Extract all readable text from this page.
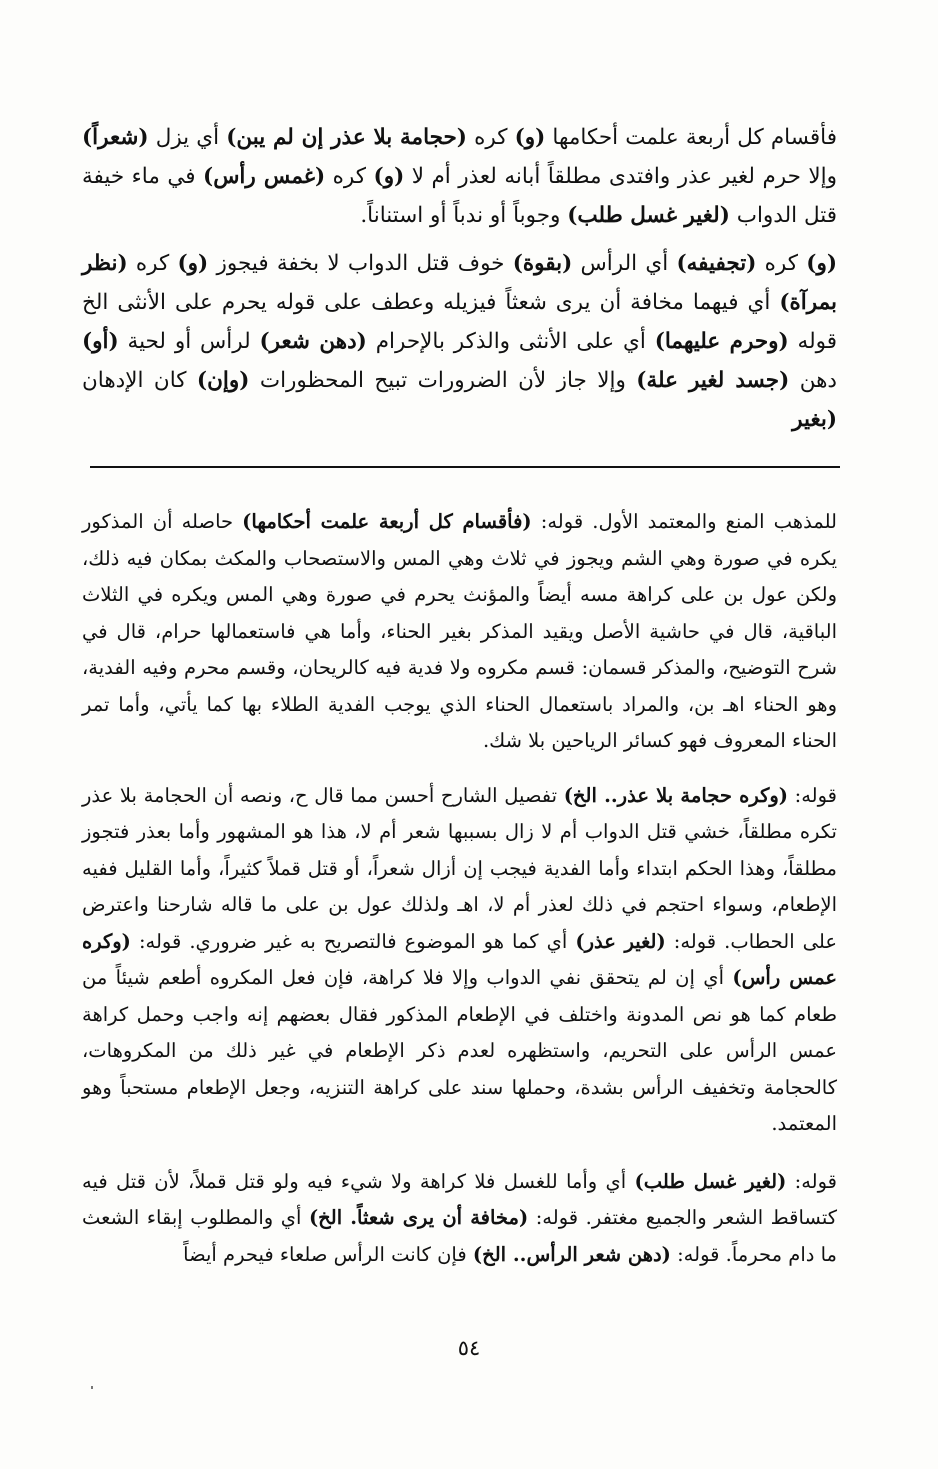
فأقسام كل أربعة علمت أحكامها (و) كره (حجامة بلا عذر إن لم يبن) أي يزل (شعراً) وإلا حرم لغير عذر وافتدى مطلقاً أبانه لعذر أم لا (و) كره (غمس رأس) في ماء خيفة قتل الدواب (لغير غسل طلب) وجوباً أو ندباً أو استناناً.

(و) كره (تجفيفه) أي الرأس (بقوة) خوف قتل الدواب لا بخفة فيجوز (و) كره (نظر بمرآة) أي فيهما مخافة أن يرى شعثاً فيزيله وعطف على قوله يحرم على الأنثى الخ قوله (وحرم عليهما) أي على الأنثى والذكر بالإحرام (دهن شعر) لرأس أو لحية (أو) دهن (جسد لغير علة) وإلا جاز لأن الضرورات تبيح المحظورات (وإن) كان الإدهان (بغير

للمذهب المنع والمعتمد الأول. قوله: (فأقسام كل أربعة علمت أحكامها) حاصله أن المذكور يكره في صورة وهي الشم ويجوز في ثلاث وهي المس والاستصحاب والمكث بمكان فيه ذلك، ولكن عول بن على كراهة مسه أيضاً والمؤنث يحرم في صورة وهي المس ويكره في الثلاث الباقية، قال في حاشية الأصل ويقيد المذكر بغير الحناء، وأما هي فاستعمالها حرام، قال في شرح التوضيح، والمذكر قسمان: قسم مكروه ولا فدية فيه كالريحان، وقسم محرم وفيه الفدية، وهو الحناء اهـ بن، والمراد باستعمال الحناء الذي يوجب الفدية الطلاء بها كما يأتي، وأما تمر الحناء المعروف فهو كسائر الرياحين بلا شك.

قوله: (وكره حجامة بلا عذر.. الخ) تفصيل الشارح أحسن مما قال ح، ونصه أن الحجامة بلا عذر تكره مطلقاً، خشي قتل الدواب أم لا زال بسببها شعر أم لا، هذا هو المشهور وأما بعذر فتجوز مطلقاً، وهذا الحكم ابتداء وأما الفدية فيجب إن أزال شعراً، أو قتل قملاً كثيراً، وأما القليل ففيه الإطعام، وسواء احتجم في ذلك لعذر أم لا، اهـ ولذلك عول بن على ما قاله شارحنا واعترض على الحطاب. قوله: (لغير عذر) أي كما هو الموضوع فالتصريح به غير ضروري. قوله: (وكره عمس رأس) أي إن لم يتحقق نفي الدواب وإلا فلا كراهة، فإن فعل المكروه أطعم شيئاً من طعام كما هو نص المدونة واختلف في الإطعام المذكور فقال بعضهم إنه واجب وحمل كراهة عمس الرأس على التحريم، واستظهره لعدم ذكر الإطعام في غير ذلك من المكروهات، كالحجامة وتخفيف الرأس بشدة، وحملها سند على كراهة التنزيه، وجعل الإطعام مستحباً وهو المعتمد.

قوله: (لغير غسل طلب) أي وأما للغسل فلا كراهة ولا شيء فيه ولو قتل قملاً، لأن قتل فيه كتساقط الشعر والجميع مغتفر. قوله: (مخافة أن يرى شعثاً. الخ) أي والمطلوب إبقاء الشعث ما دام محرماً. قوله: (دهن شعر الرأس.. الخ) فإن كانت الرأس صلعاء فيحرم أيضاً

٥٤
